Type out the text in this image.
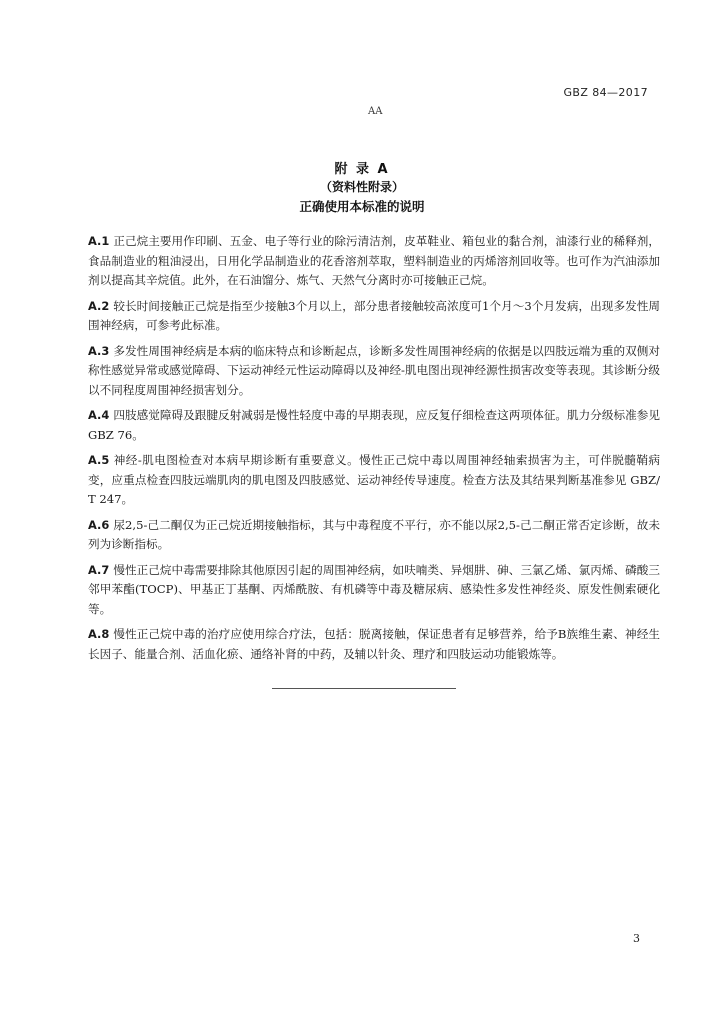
GBZ 84—2017
AA
附 录 A
（资料性附录）
正确使用本标准的说明

A.1 正己烷主要用作印刷、五金、电子等行业的除污清洁剂，皮革鞋业、箱包业的黏合剂，油漆行业的稀释剂，食品制造业的粗油浸出，日用化学品制造业的花香溶剂萃取，塑料制造业的丙烯溶剂回收等。也可作为汽油添加剂以提高其辛烷值。此外，在石油馏分、炼气、天然气分离时亦可接触正己烷。

A.2 较长时间接触正己烷是指至少接触3个月以上，部分患者接触较高浓度可1个月～3个月发病，出现多发性周围神经病，可参考此标准。

A.3 多发性周围神经病是本病的临床特点和诊断起点，诊断多发性周围神经病的依据是以四肢远端为重的双侧对称性感觉异常或感觉障碍、下运动神经元性运动障碍以及神经-肌电图出现神经源性损害改变等表现。其诊断分级以不同程度周围神经损害划分。

A.4 四肢感觉障碍及跟腱反射减弱是慢性轻度中毒的早期表现，应反复仔细检查这两项体征。肌力分级标准参见GBZ 76。

A.5 神经-肌电图检查对本病早期诊断有重要意义。慢性正己烷中毒以周围神经轴索损害为主，可伴脱髓鞘病变，应重点检查四肢远端肌肉的肌电图及四肢感觉、运动神经传导速度。检查方法及其结果判断基准参见 GBZ/T 247。

A.6 尿2,5-己二酮仅为正己烷近期接触指标，其与中毒程度不平行，亦不能以尿2,5-己二酮正常否定诊断，故未列为诊断指标。

A.7 慢性正己烷中毒需要排除其他原因引起的周围神经病，如呋喃类、异烟肼、砷、三氯乙烯、氯丙烯、磷酸三邻甲苯酯(TOCP)、甲基正丁基酮、丙烯酰胺、有机磷等中毒及糖尿病、感染性多发性神经炎、原发性侧索硬化等。

A.8 慢性正己烷中毒的治疗应使用综合疗法，包括：脱离接触，保证患者有足够营养，给予B族维生素、神经生长因子、能量合剂、活血化瘀、通络补肾的中药，及辅以针灸、理疗和四肢运动功能锻炼等。

3
